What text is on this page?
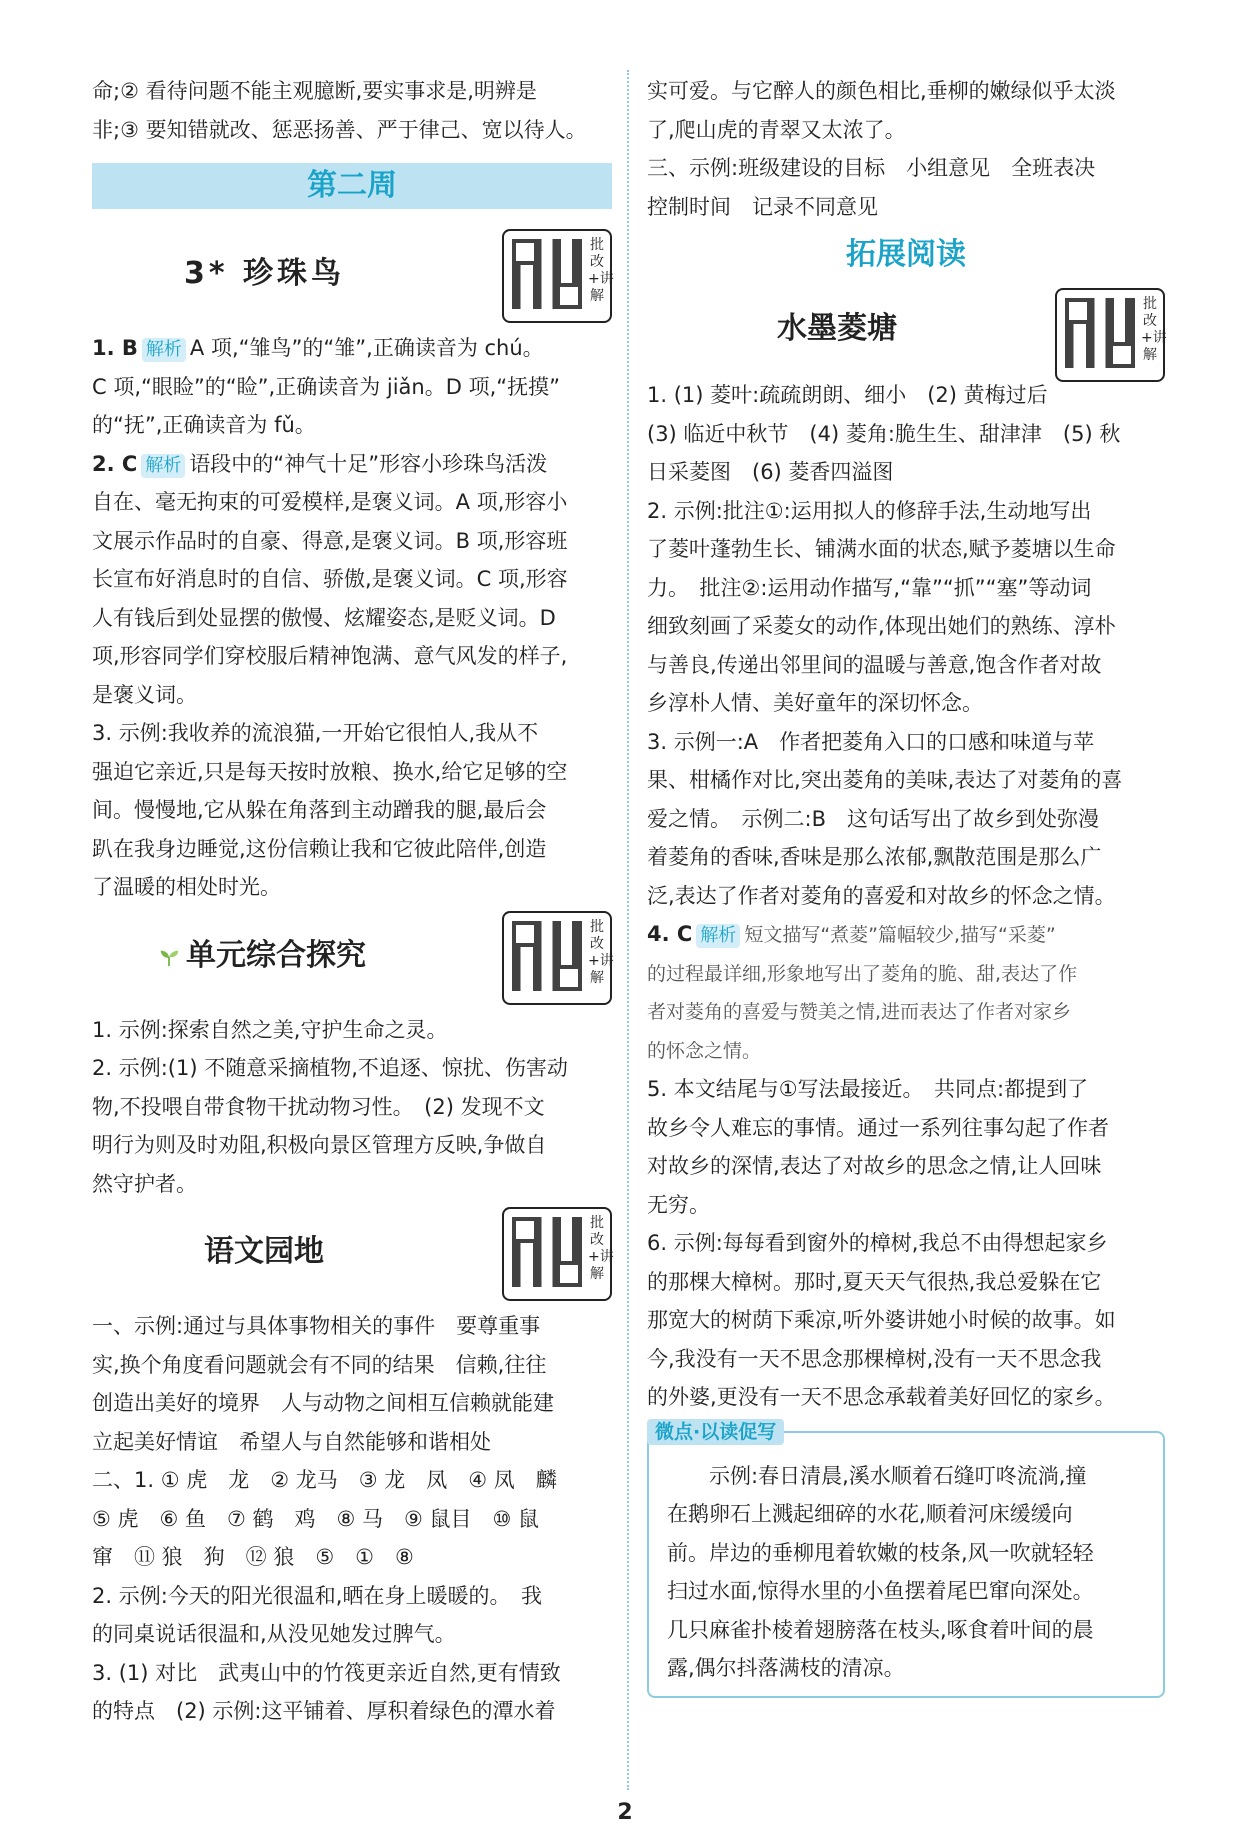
命;② 看待问题不能主观臆断,要实事求是,明辨是

非;③ 要知错就改、惩恶扬善、严于律己、宽以待人。

第二周
3* 珍珠鸟
批改+讲解

1. B 解析 A 项,“雏鸟”的“雏”,正确读音为 chú。

C 项,“眼睑”的“睑”,正确读音为 jiǎn。D 项,“抚摸”

的“抚”,正确读音为 fǔ。

2. C 解析 语段中的“神气十足”形容小珍珠鸟活泼

自在、毫无拘束的可爱模样,是褒义词。A 项,形容小

文展示作品时的自豪、得意,是褒义词。B 项,形容班

长宣布好消息时的自信、骄傲,是褒义词。C 项,形容

人有钱后到处显摆的傲慢、炫耀姿态,是贬义词。D

项,形容同学们穿校服后精神饱满、意气风发的样子,

是褒义词。

3. 示例:我收养的流浪猫,一开始它很怕人,我从不

强迫它亲近,只是每天按时放粮、换水,给它足够的空

间。慢慢地,它从躲在角落到主动蹭我的腿,最后会

趴在我身边睡觉,这份信赖让我和它彼此陪伴,创造

了温暖的相处时光。

单元综合探究
批改+讲解

1. 示例:探索自然之美,守护生命之灵。

2. 示例:(1) 不随意采摘植物,不追逐、惊扰、伤害动

物,不投喂自带食物干扰动物习性。　(2) 发现不文

明行为则及时劝阻,积极向景区管理方反映,争做自

然守护者。

语文园地
批改+讲解

一、示例:通过与具体事物相关的事件　要尊重事

实,换个角度看问题就会有不同的结果　信赖,往往

创造出美好的境界　人与动物之间相互信赖就能建

立起美好情谊　希望人与自然能够和谐相处

二、1. ① 虎　龙　② 龙马　③ 龙　凤　④ 凤　麟

⑤ 虎　⑥ 鱼　⑦ 鹤　鸡　⑧ 马　⑨ 鼠目　⑩ 鼠

窜　⑪ 狼　狗　⑫ 狼　⑤　①　⑧

2. 示例:今天的阳光很温和,晒在身上暖暖的。　我

的同桌说话很温和,从没见她发过脾气。

3. (1) 对比　武夷山中的竹筏更亲近自然,更有情致

的特点　(2) 示例:这平铺着、厚积着绿色的潭水着

实可爱。与它醉人的颜色相比,垂柳的嫩绿似乎太淡

了,爬山虎的青翠又太浓了。

三、示例:班级建设的目标　小组意见　全班表决

控制时间　记录不同意见

拓展阅读
水墨菱塘
批改+讲解

1. (1) 菱叶:疏疏朗朗、细小　(2) 黄梅过后

(3) 临近中秋节　(4) 菱角:脆生生、甜津津　(5) 秋

日采菱图　(6) 菱香四溢图

2. 示例:批注①:运用拟人的修辞手法,生动地写出

了菱叶蓬勃生长、铺满水面的状态,赋予菱塘以生命

力。　批注②:运用动作描写,“靠”“抓”“塞”等动词

细致刻画了采菱女的动作,体现出她们的熟练、淳朴

与善良,传递出邻里间的温暖与善意,饱含作者对故

乡淳朴人情、美好童年的深切怀念。

3. 示例一:A　作者把菱角入口的口感和味道与苹

果、柑橘作对比,突出菱角的美味,表达了对菱角的喜

爱之情。　示例二:B　这句话写出了故乡到处弥漫

着菱角的香味,香味是那么浓郁,飘散范围是那么广

泛,表达了作者对菱角的喜爱和对故乡的怀念之情。

4. C 解析 短文描写“煮菱”篇幅较少,描写“采菱”

的过程最详细,形象地写出了菱角的脆、甜,表达了作

者对菱角的喜爱与赞美之情,进而表达了作者对家乡

的怀念之情。

5. 本文结尾与①写法最接近。　共同点:都提到了

故乡令人难忘的事情。通过一系列往事勾起了作者

对故乡的深情,表达了对故乡的思念之情,让人回味

无穷。

6. 示例:每每看到窗外的樟树,我总不由得想起家乡

的那棵大樟树。那时,夏天天气很热,我总爱躲在它

那宽大的树荫下乘凉,听外婆讲她小时候的故事。如

今,我没有一天不思念那棵樟树,没有一天不思念我

的外婆,更没有一天不思念承载着美好回忆的家乡。

微点·以读促写

　　示例:春日清晨,溪水顺着石缝叮咚流淌,撞

在鹅卵石上溅起细碎的水花,顺着河床缓缓向

前。岸边的垂柳甩着软嫩的枝条,风一吹就轻轻

扫过水面,惊得水里的小鱼摆着尾巴窜向深处。

几只麻雀扑棱着翅膀落在枝头,啄食着叶间的晨

露,偶尔抖落满枝的清凉。

2
